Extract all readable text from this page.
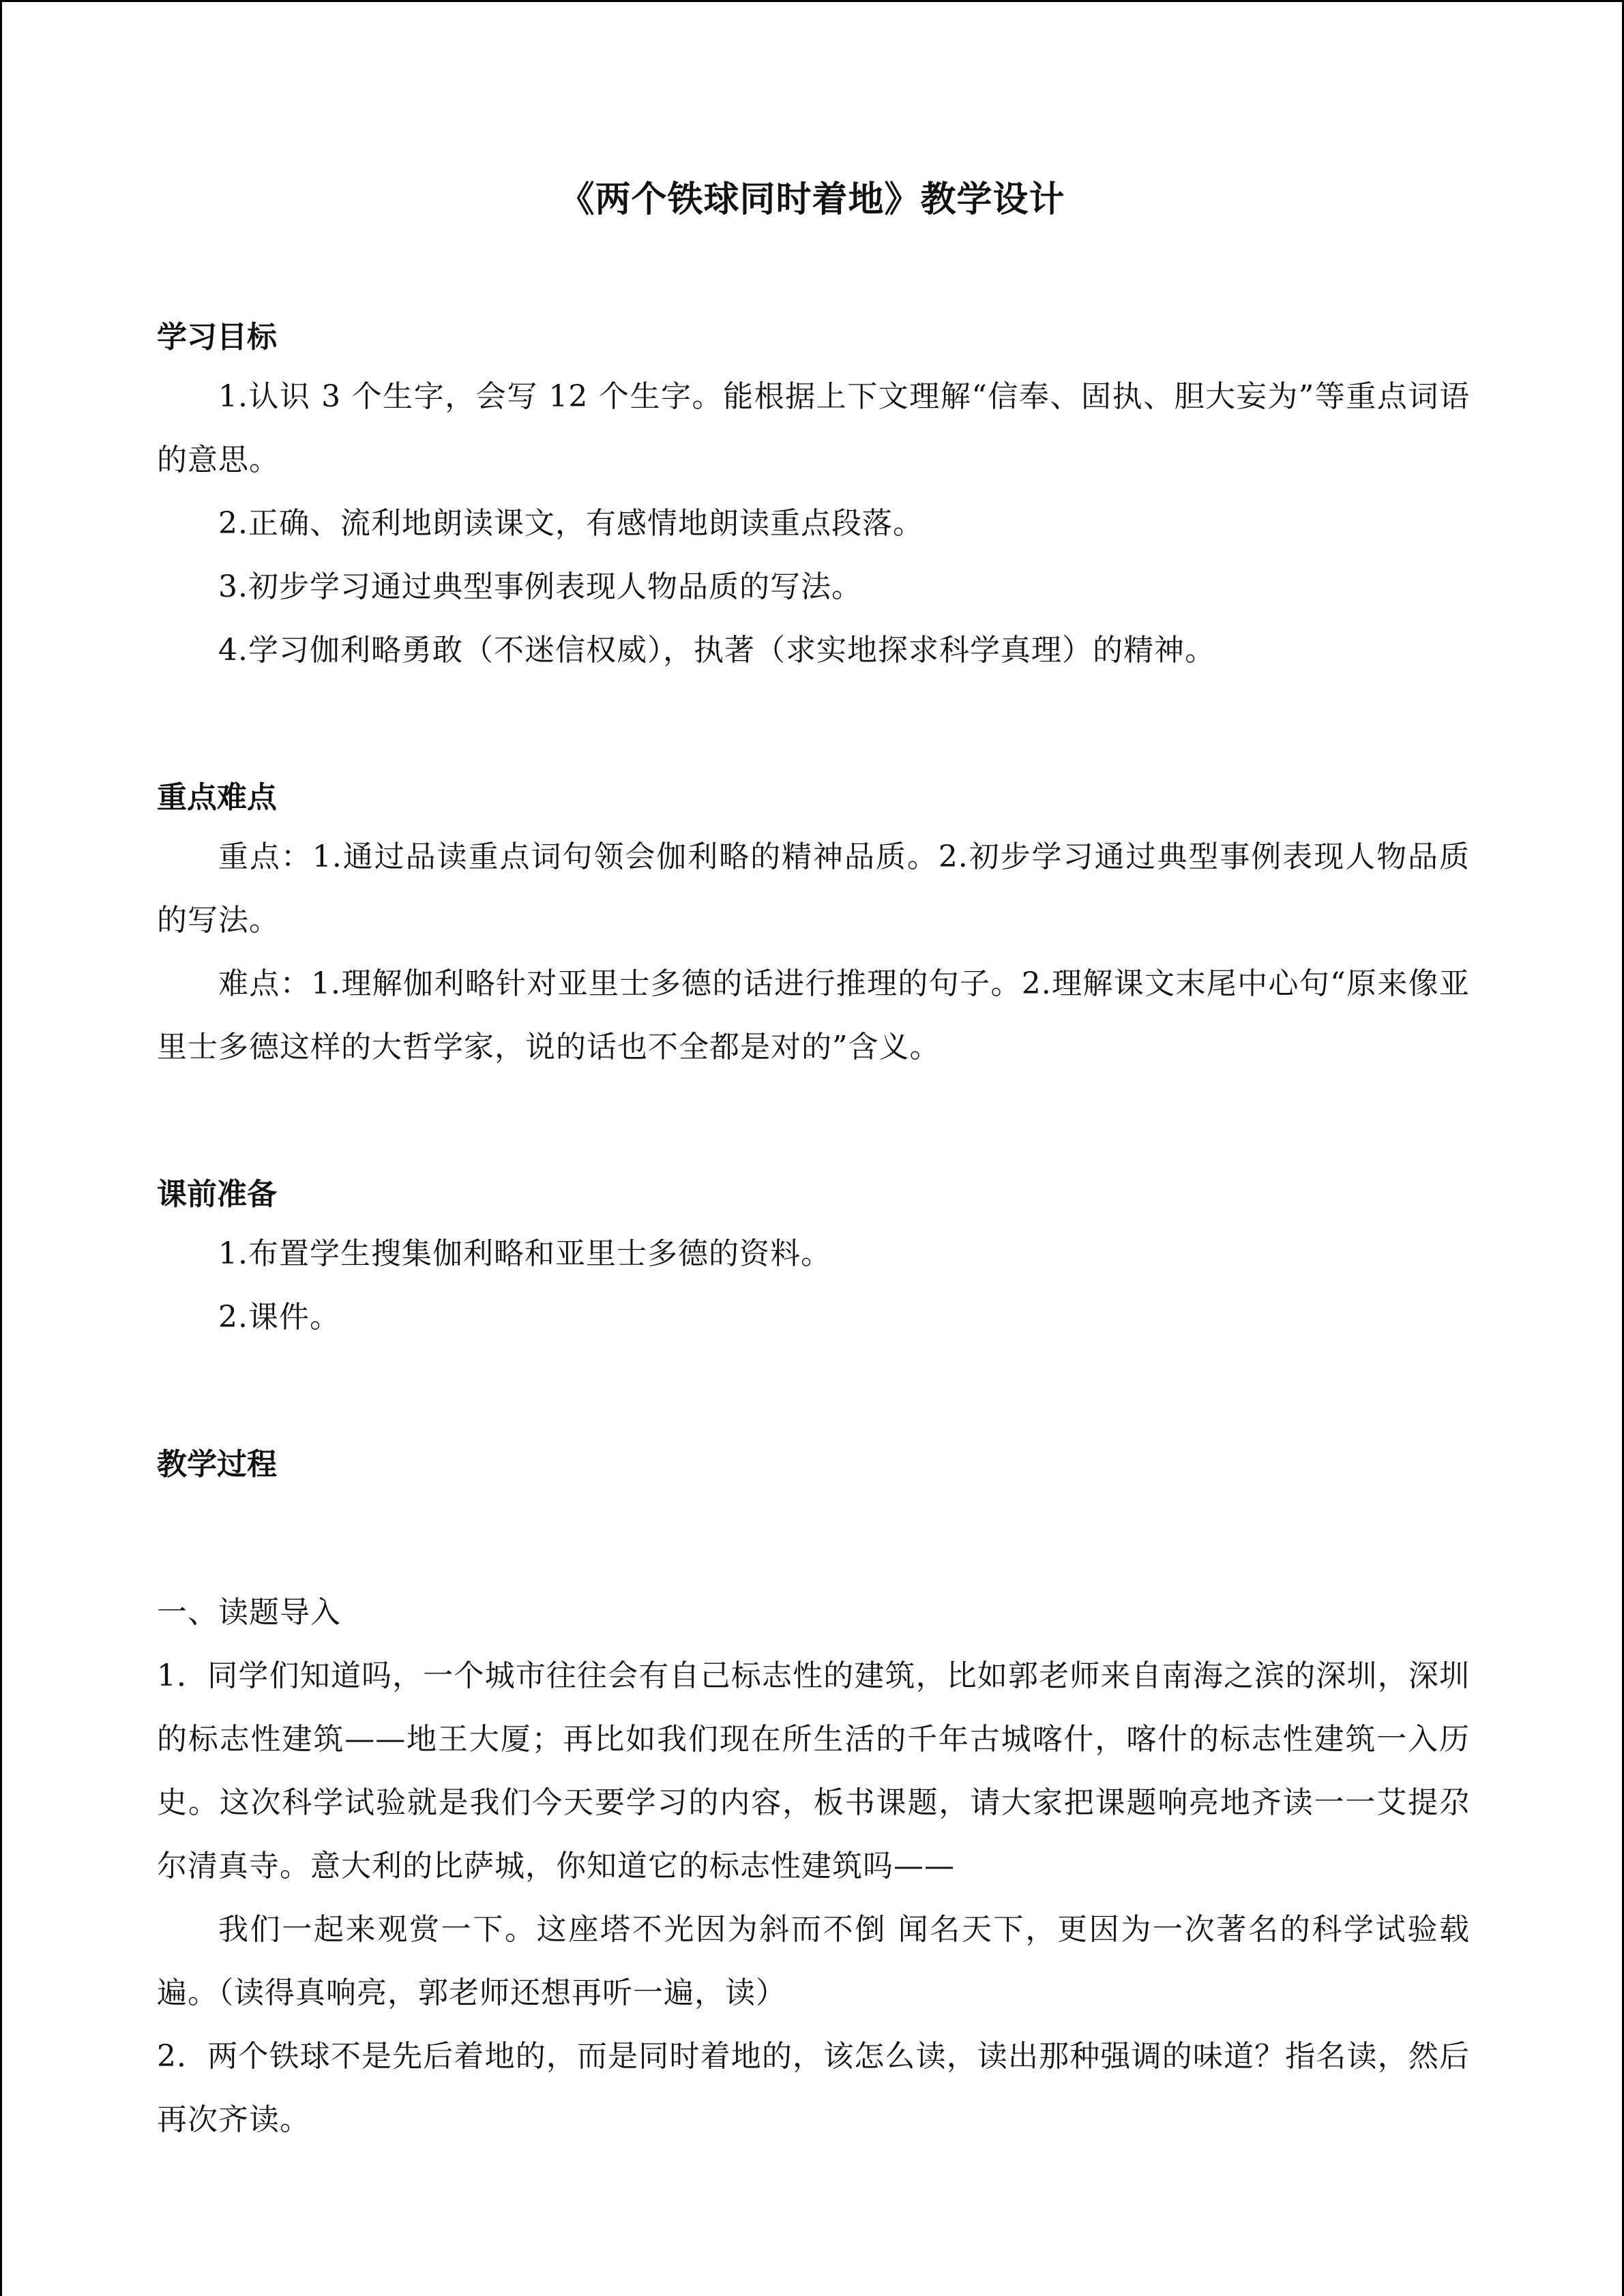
《两个铁球同时着地》教学设计
学习目标
1.认识 3 个生字，会写 12 个生字。能根据上下文理解“信奉、固执、胆大妄为”等重点词语的意思。
2.正确、流利地朗读课文，有感情地朗读重点段落。
3.初步学习通过典型事例表现人物品质的写法。
4.学习伽利略勇敢（不迷信权威），执著（求实地探求科学真理）的精神。
重点难点
重点：1.通过品读重点词句领会伽利略的精神品质。2.初步学习通过典型事例表现人物品质的写法。
难点：1.理解伽利略针对亚里士多德的话进行推理的句子。2.理解课文末尾中心句“原来像亚里士多德这样的大哲学家，说的话也不全都是对的”含义。
课前准备
1.布置学生搜集伽利略和亚里士多德的资料。
2.课件。
教学过程
一、读题导入
1．同学们知道吗，一个城市往往会有自己标志性的建筑，比如郭老师来自南海之滨的深圳，深圳的标志性建筑——地王大厦；再比如我们现在所生活的千年古城喀什，喀什的标志性建筑一入历史。这次科学试验就是我们今天要学习的内容，板书课题，请大家把课题响亮地齐读一一艾提尕尔清真寺。意大利的比萨城，你知道它的标志性建筑吗——
我们一起来观赏一下。这座塔不光因为斜而不倒 闻名天下，更因为一次著名的科学试验载遍。（读得真响亮，郭老师还想再听一遍，读）
2．两个铁球不是先后着地的，而是同时着地的，该怎么读，读出那种强调的味道？指名读，然后再次齐读。
